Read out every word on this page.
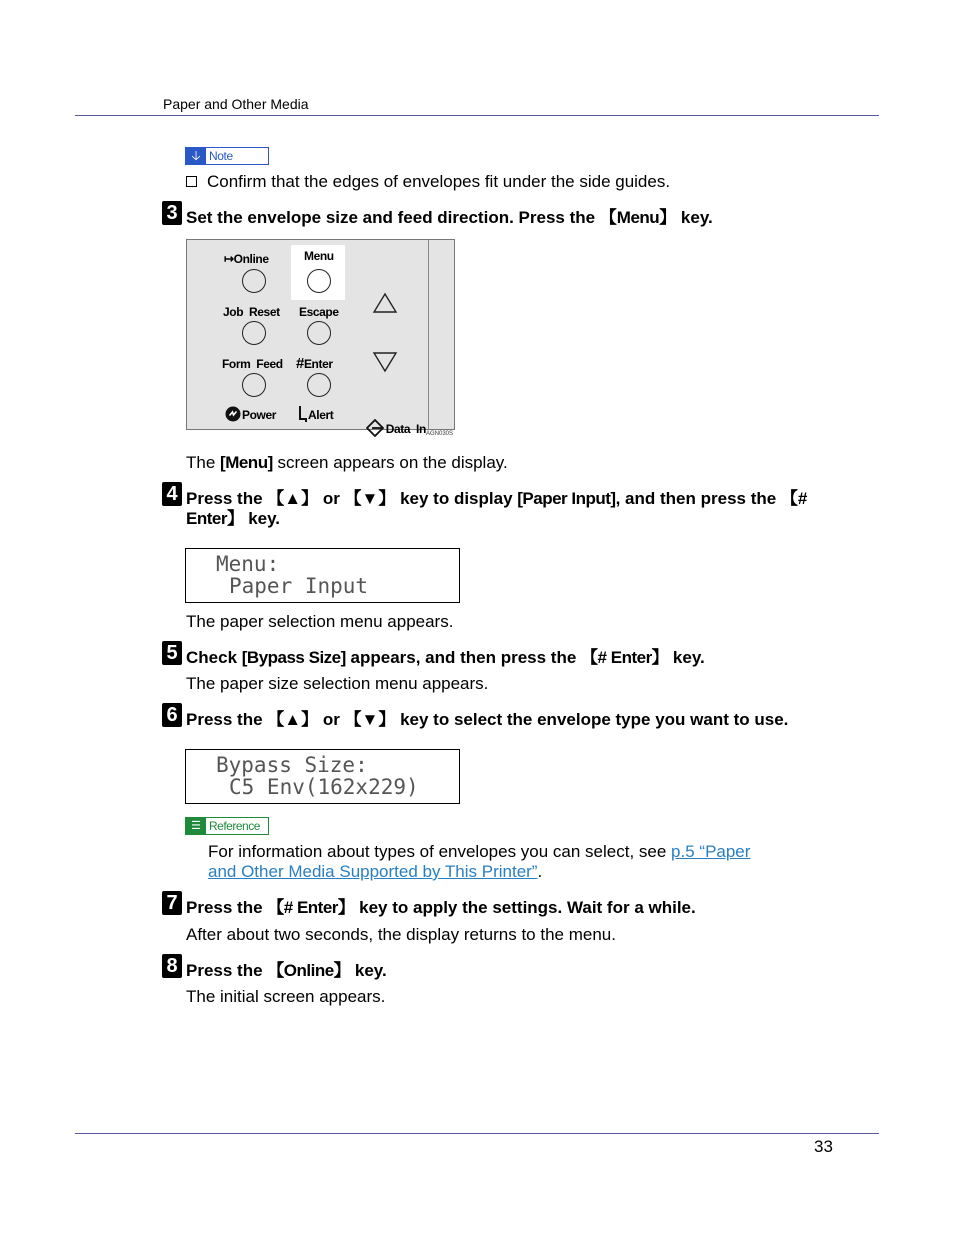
Paper and Other Media
🡣 Note
Confirm that the edges of envelopes fit under the side guides.
3 Set the envelope size and feed direction. Press the 【Menu】 key.
↦Online	Menu
Job  Reset Escape
Form  Feed #Enter
Power	Alert

Data  In
AGN030S
The [Menu] screen appears on the display.
4 Press the 【▲】 or 【▼】 key to display [Paper Input], and then press the 【#
Enter】 key.
Menu:
Paper Input
The paper selection menu appears.
5 Check [Bypass Size] appears, and then press the 【# Enter】 key.
The paper size selection menu appears.
6 Press the 【▲】 or 【▼】 key to select the envelope type you want to use.
Bypass Size:
C5 Env(162x229)
☰ Reference
For information about types of envelopes you can select, see p.5 “Paper
and Other Media Supported by This Printer”.
7 Press the 【# Enter】 key to apply the settings. Wait for a while.
After about two seconds, the display returns to the menu.
8 Press the 【Online】 key.
The initial screen appears.
33
